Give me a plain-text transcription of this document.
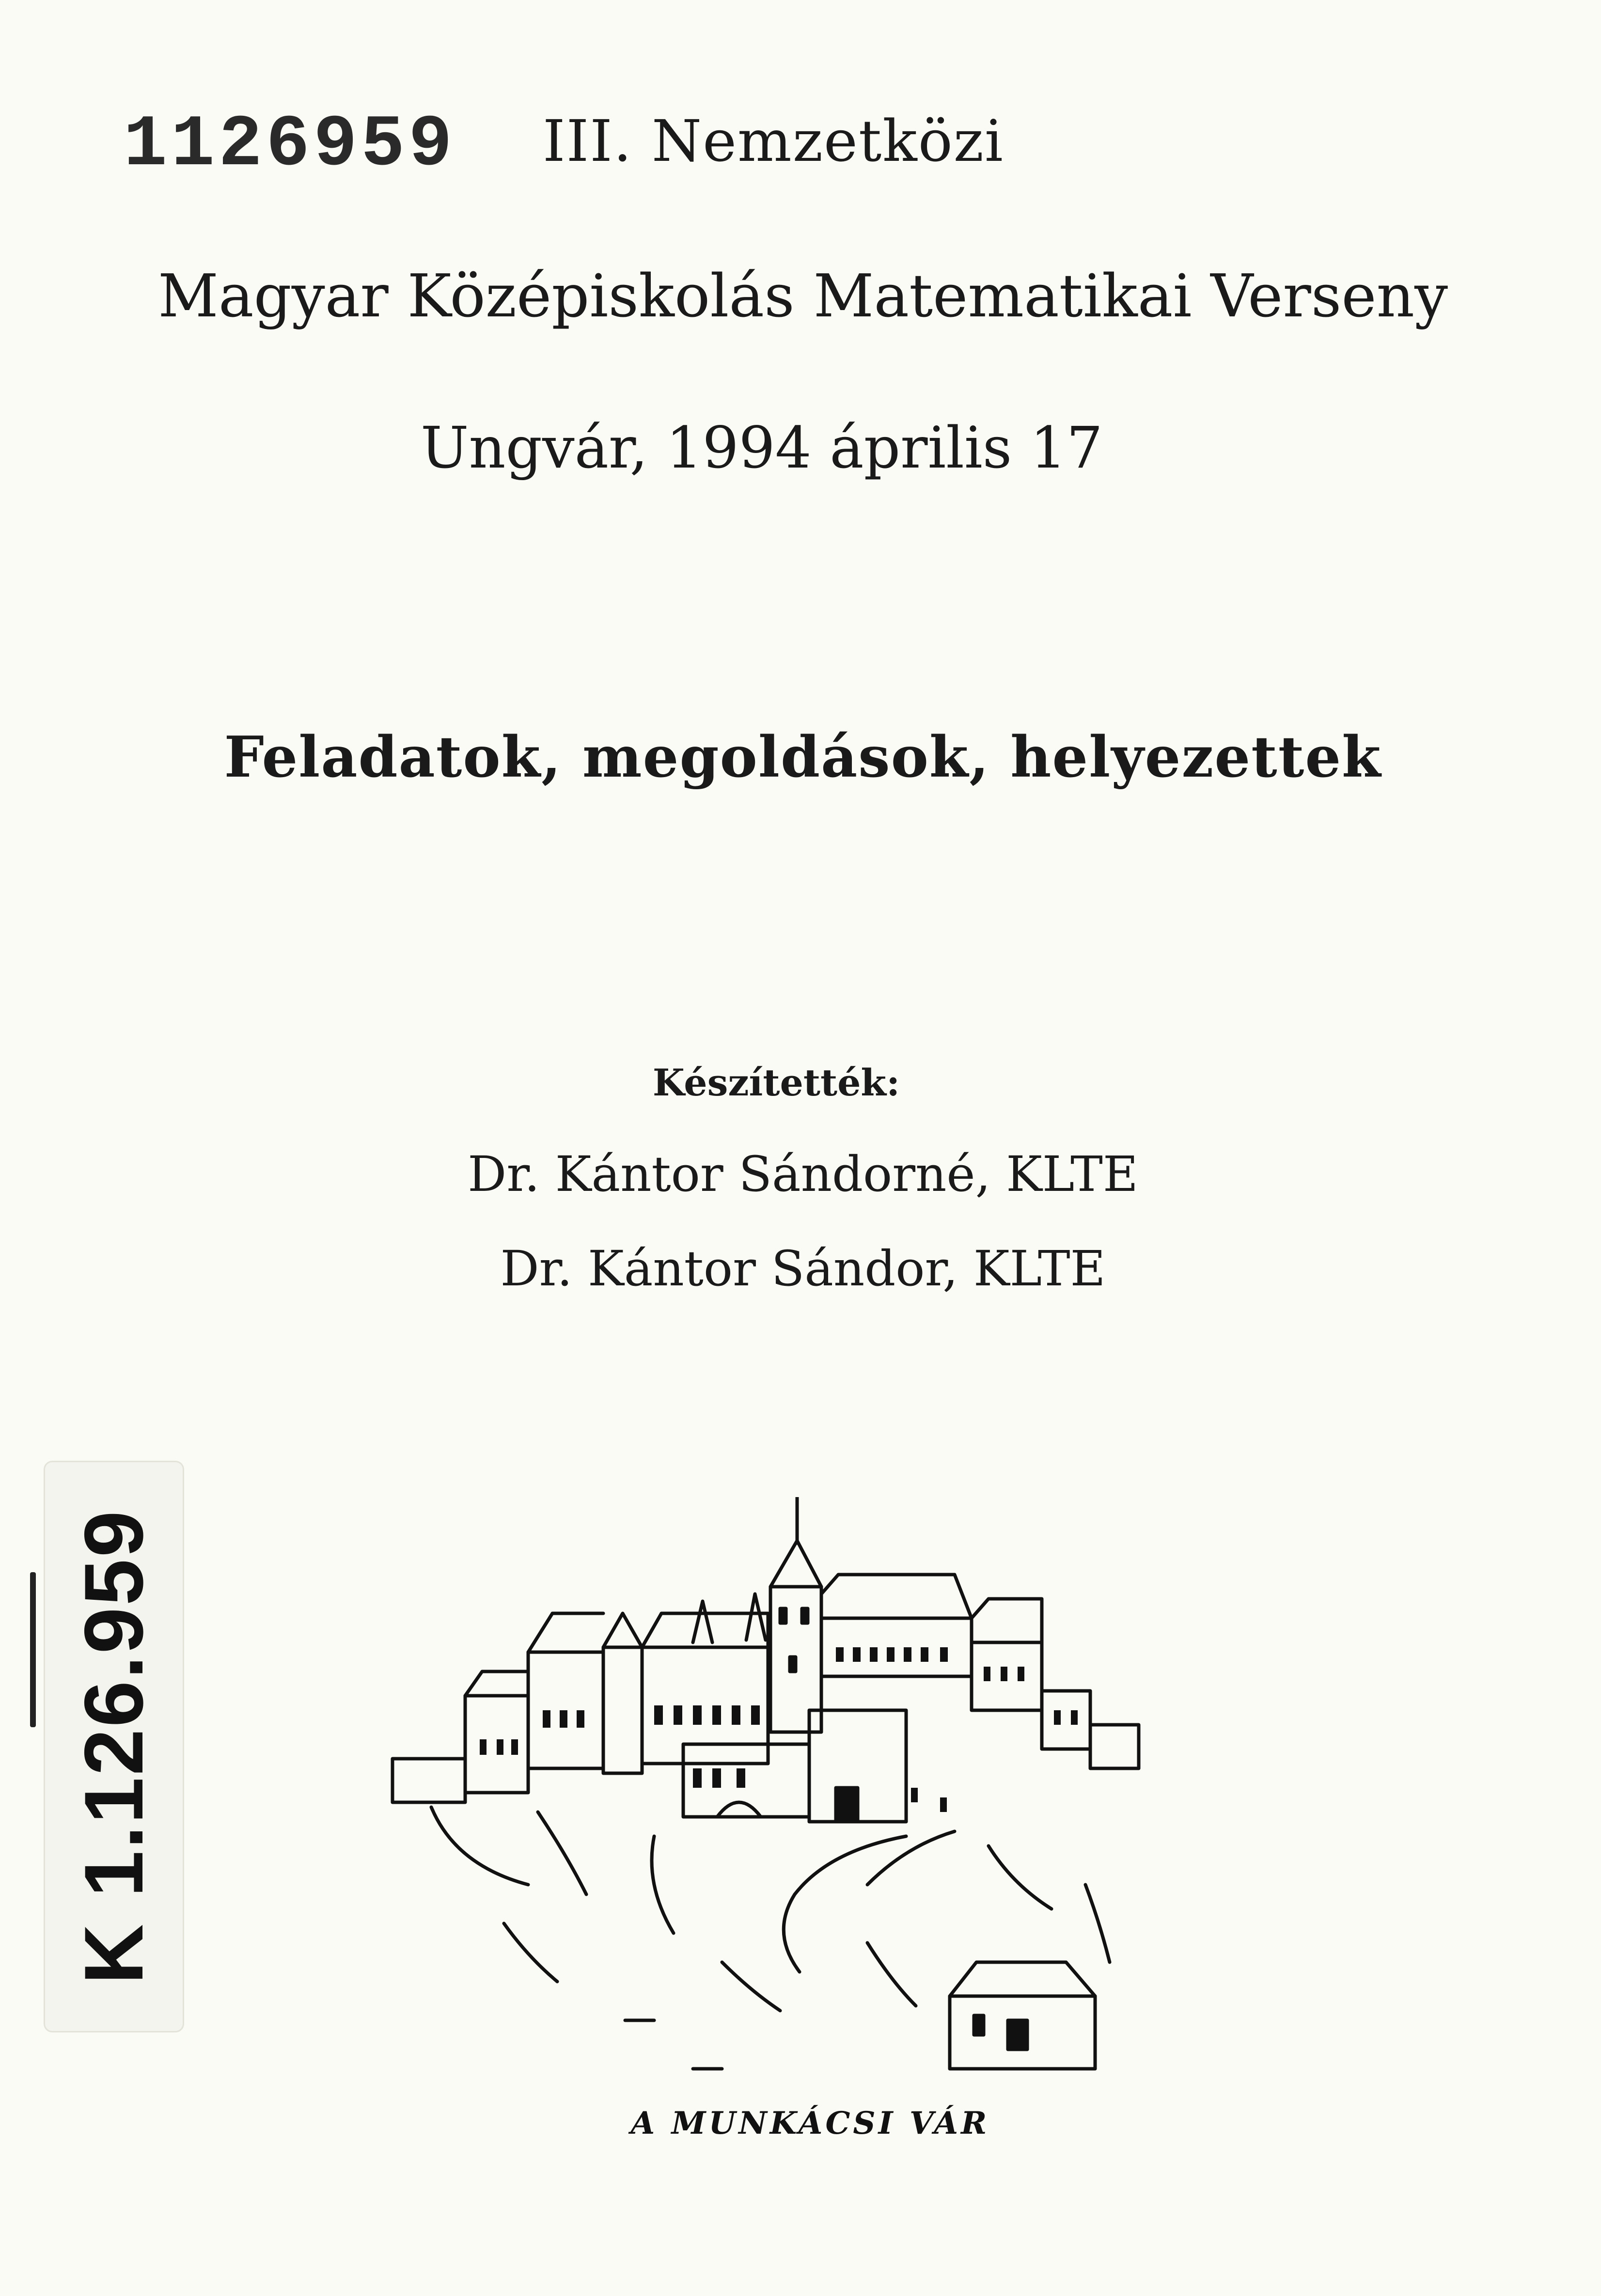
1126959 III. Nemzetközi
Magyar Középiskolás Matematikai Verseny
Ungvár, 1994 április 17
Feladatok, megoldások, helyezettek
Készítették:
Dr. Kántor Sándorné, KLTE
Dr. Kántor Sándor, KLTE
K 1.126.959
A MUNKÁCSI VÁR
